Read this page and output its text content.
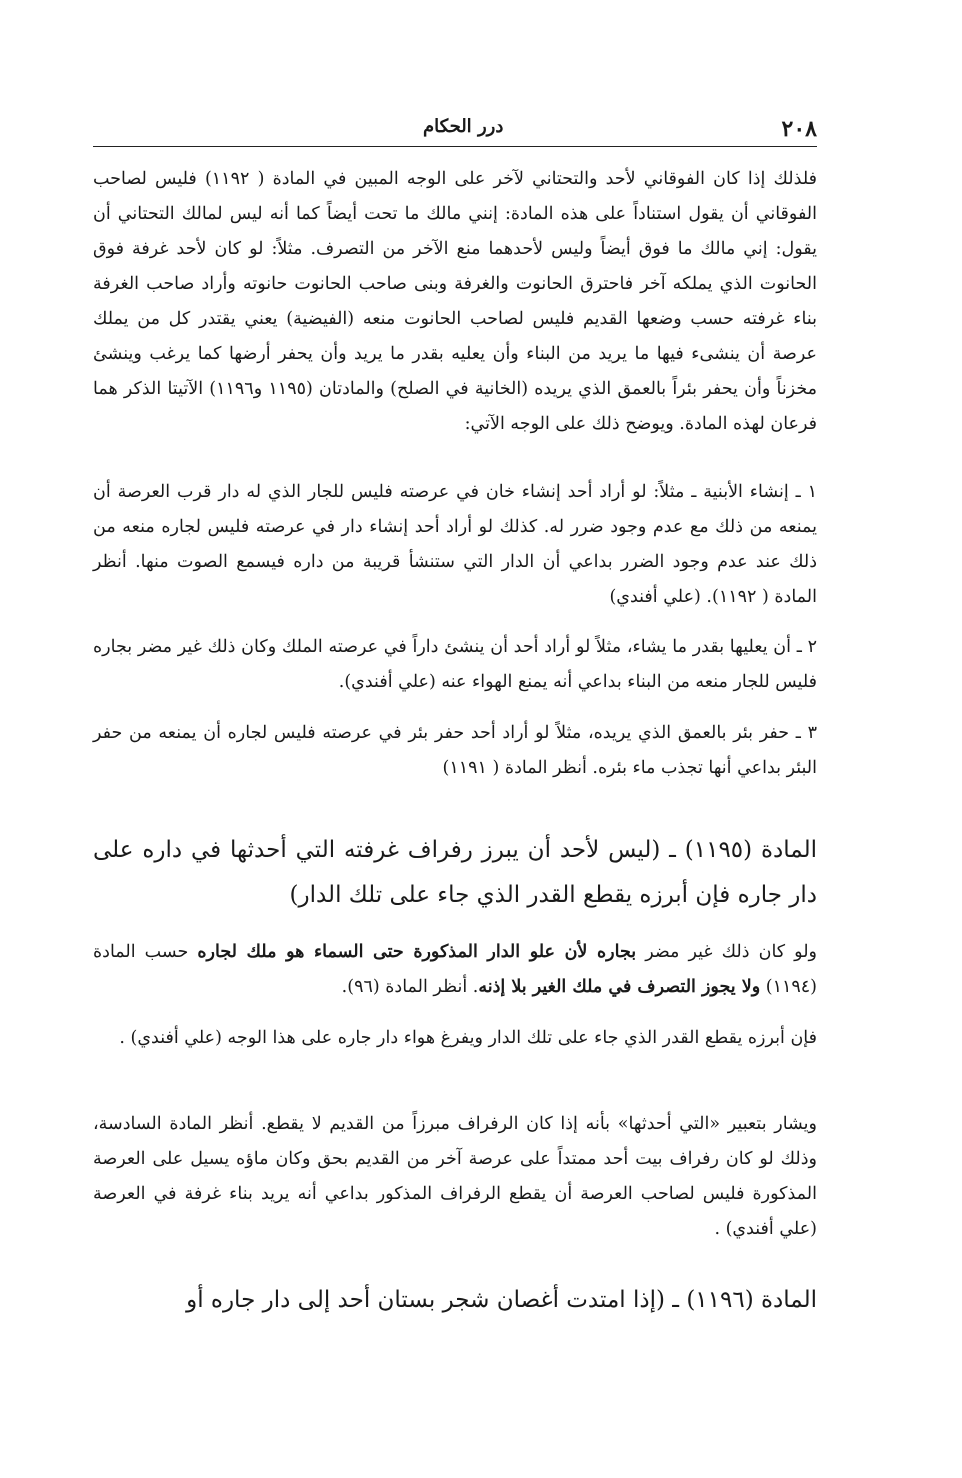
٢٠٨
درر الحكام

فلذلك إذا كان الفوقاني لأحد والتحتاني لآخر على الوجه المبين في المادة ( ١١٩٢) فليس لصاحب الفوقاني أن يقول استناداً على هذه المادة: إنني مالك ما تحت أيضاً كما أنه ليس لمالك التحتاني أن يقول: إني مالك ما فوق أيضاً وليس لأحدهما منع الآخر من التصرف. مثلاً: لو كان لأحد غرفة فوق الحانوت الذي يملكه آخر فاحترق الحانوت والغرفة وبنى صاحب الحانوت حانوته وأراد صاحب الغرفة بناء غرفته حسب وضعها القديم فليس لصاحب الحانوت منعه (الفيضية) يعني يقتدر كل من يملك عرصة أن ينشىء فيها ما يريد من البناء وأن يعليه بقدر ما يريد وأن يحفر أرضها كما يرغب وينشئ مخزناً وأن يحفر بئراً بالعمق الذي يريده (الخانية في الصلح) والمادتان (١١٩٥ و١١٩٦) الآتيتا الذكر هما فرعان لهذه المادة. ويوضح ذلك على الوجه الآتي:

١ ـ إنشاء الأبنية ـ مثلاً: لو أراد أحد إنشاء خان في عرصته فليس للجار الذي له دار قرب العرصة أن يمنعه من ذلك مع عدم وجود ضرر له. كذلك لو أراد أحد إنشاء دار في عرصته فليس لجاره منعه من ذلك عند عدم وجود الضرر بداعي أن الدار التي ستنشأ قريبة من داره فيسمع الصوت منها. أنظر المادة ( ١١٩٢). (علي أفندي)

٢ ـ أن يعليها بقدر ما يشاء، مثلاً لو أراد أحد أن ينشئ داراً في عرصته الملك وكان ذلك غير مضر بجاره فليس للجار منعه من البناء بداعي أنه يمنع الهواء عنه (علي أفندي).

٣ ـ حفر بئر بالعمق الذي يريده، مثلاً لو أراد أحد حفر بئر في عرصته فليس لجاره أن يمنعه من حفر البئر بداعي أنها تجذب ماء بئره. أنظر المادة ( ١١٩١)

المادة (١١٩٥) ـ (ليس لأحد أن يبرز رفراف غرفته التي أحدثها في داره على دار جاره فإن أبرزه يقطع القدر الذي جاء على تلك الدار)

ولو كان ذلك غير مضر بجاره لأن علو الدار المذكورة حتى السماء هو ملك لجاره حسب المادة (١١٩٤) ولا يجوز التصرف في ملك الغير بلا إذنه. أنظر المادة (٩٦).

فإن أبرزه يقطع القدر الذي جاء على تلك الدار ويفرغ هواء دار جاره على هذا الوجه (علي أفندي) .

ويشار بتعبير «التي أحدثها» بأنه إذا كان الرفراف مبرزاً من القديم لا يقطع. أنظر المادة السادسة، وذلك لو كان رفراف بيت أحد ممتداً على عرصة آخر من القديم بحق وكان ماؤه يسيل على العرصة المذكورة فليس لصاحب العرصة أن يقطع الرفراف المذكور بداعي أنه يريد بناء غرفة في العرصة (علي أفندي) .

المادة (١١٩٦) ـ (إذا امتدت أغصان شجر بستان أحد إلى دار جاره أو
